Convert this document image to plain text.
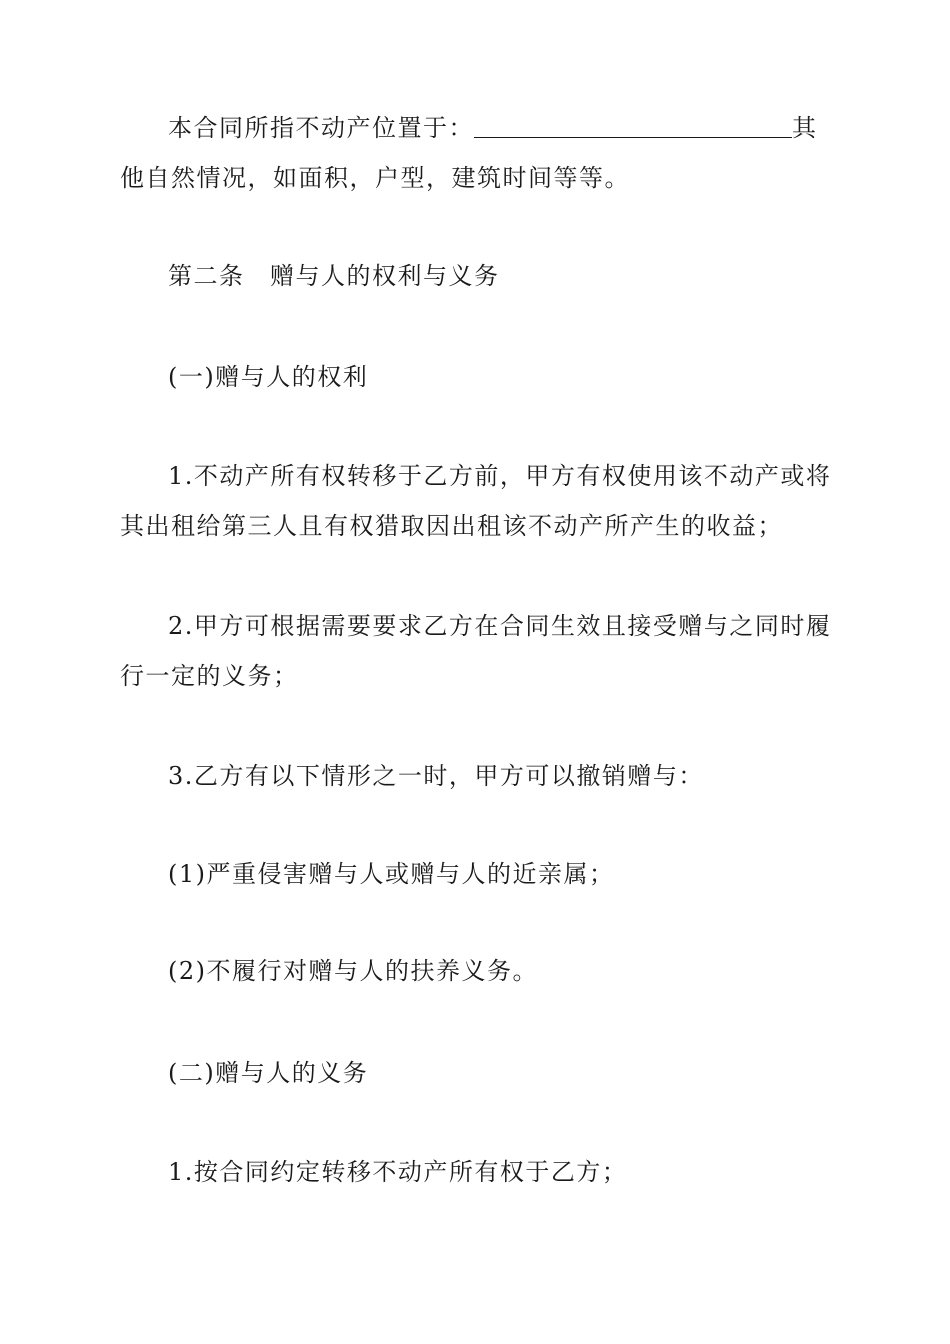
本合同所指不动产位置于：	其他自然情况，如面积，户型，建筑时间等等。

第二条　赠与人的权利与义务

(一)赠与人的权利

1.不动产所有权转移于乙方前，甲方有权使用该不动产或将其出租给第三人且有权猎取因出租该不动产所产生的收益；

2.甲方可根据需要要求乙方在合同生效且接受赠与之同时履行一定的义务；

3.乙方有以下情形之一时，甲方可以撤销赠与：

(1)严重侵害赠与人或赠与人的近亲属；

(2)不履行对赠与人的扶养义务。

(二)赠与人的义务

1.按合同约定转移不动产所有权于乙方；
